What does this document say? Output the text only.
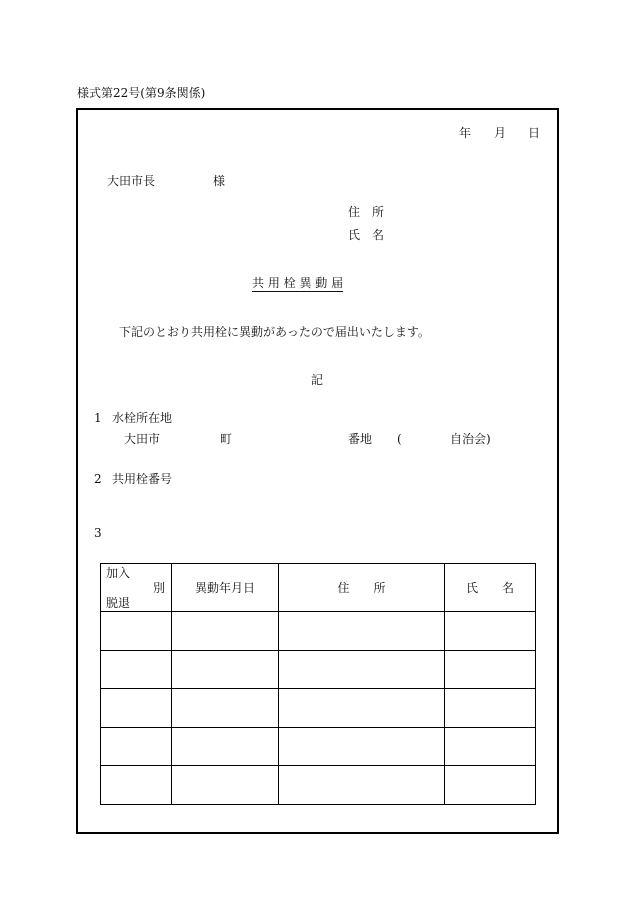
様式第22号(第9条関係)
年 月 日
大田市長	様
住　所
氏　名
共 用 栓 異 動 届
下記のとおり共用栓に異動があったので届出いたします。
記
1 水栓所在地
大田市	町	番地 (	自治会)
2 共用栓番号
3
加入
別
脱退	異動年月日	住　　所	氏　　名
